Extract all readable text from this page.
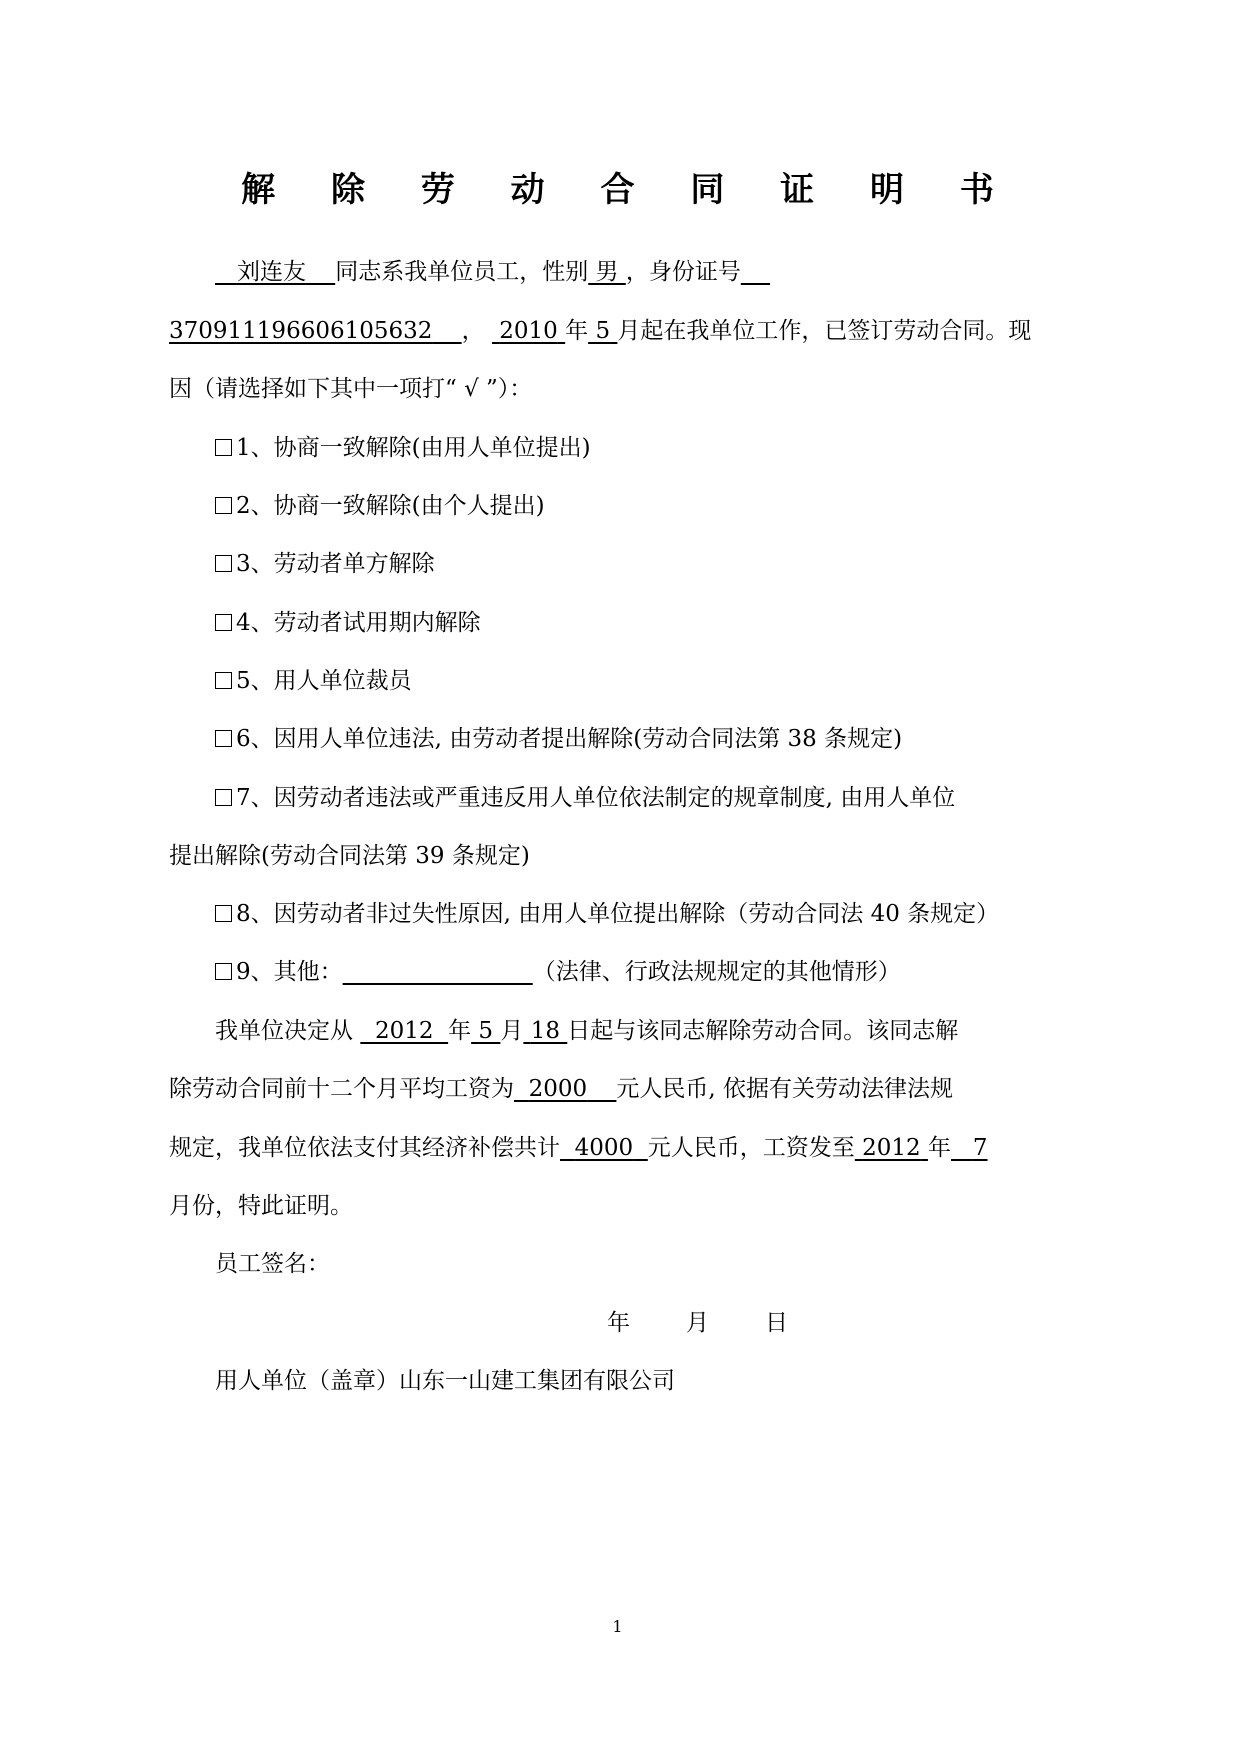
解 除 劳 动 合 同 证 明 书
刘连友 同志系我单位员工，性别 男 ，身份证号
370911196606105632 ， 2010 年 5 月起在我单位工作，已签订劳动合同。现
因（请选择如下其中一项打“ √ ”）：
1、协商一致解除(由用人单位提出)
2、协商一致解除(由个人提出)
3、劳动者单方解除
4、劳动者试用期内解除
5、用人单位裁员
6、因用人单位违法, 由劳动者提出解除(劳动合同法第 38 条规定)
7、因劳动者违法或严重违反用人单位依法制定的规章制度, 由用人单位
提出解除(劳动合同法第 39 条规定)
8、因劳动者非过失性原因, 由用人单位提出解除（劳动合同法 40 条规定）
9、其他：	（法律、行政法规规定的其他情形）
我单位决定从 2012 年 5 月 18 日起与该同志解除劳动合同。该同志解
除劳动合同前十二个月平均工资为 2000 元人民币, 依据有关劳动法律法规
规定，我单位依法支付其经济补偿共计 4000 元人民币，工资发至 2012 年 7
月份，特此证明。
员工签名：
年 月 日
用人单位（盖章）山东一山建工集团有限公司
1
